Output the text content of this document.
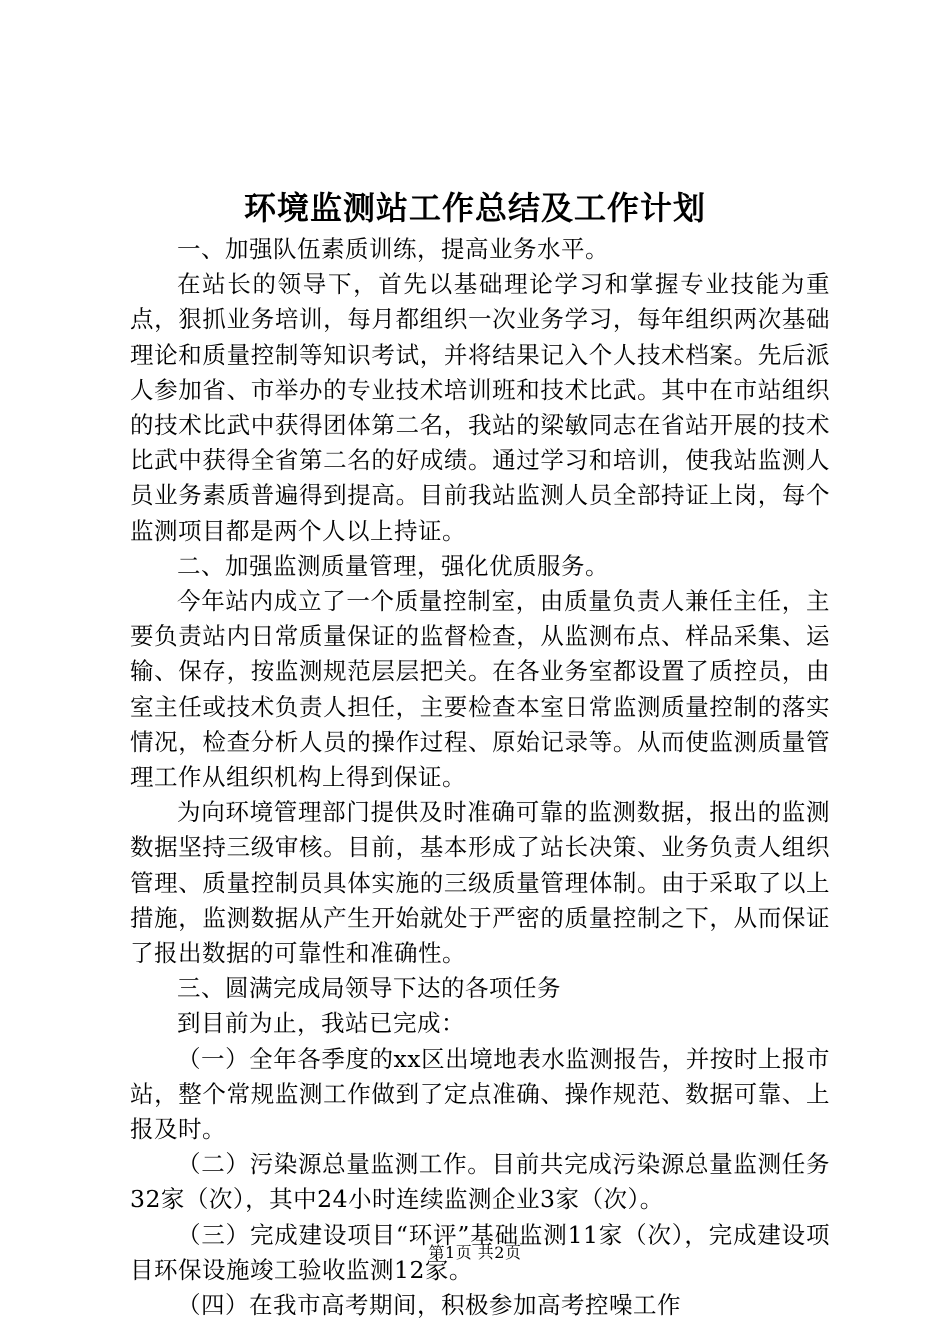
环境监测站工作总结及工作计划

一、加强队伍素质训练，提高业务水平。

在站长的领导下，首先以基础理论学习和掌握专业技能为重点，狠抓业务培训，每月都组织一次业务学习，每年组织两次基础理论和质量控制等知识考试，并将结果记入个人技术档案。先后派人参加省、市举办的专业技术培训班和技术比武。其中在市站组织的技术比武中获得团体第二名，我站的梁敏同志在省站开展的技术比武中获得全省第二名的好成绩。通过学习和培训，使我站监测人员业务素质普遍得到提高。目前我站监测人员全部持证上岗，每个监测项目都是两个人以上持证。

二、加强监测质量管理，强化优质服务。

今年站内成立了一个质量控制室，由质量负责人兼任主任，主要负责站内日常质量保证的监督检查，从监测布点、样品采集、运输、保存，按监测规范层层把关。在各业务室都设置了质控员，由室主任或技术负责人担任，主要检查本室日常监测质量控制的落实情况，检查分析人员的操作过程、原始记录等。从而使监测质量管理工作从组织机构上得到保证。

为向环境管理部门提供及时准确可靠的监测数据，报出的监测数据坚持三级审核。目前，基本形成了站长决策、业务负责人组织管理、质量控制员具体实施的三级质量管理体制。由于采取了以上措施，监测数据从产生开始就处于严密的质量控制之下，从而保证了报出数据的可靠性和准确性。

三、圆满完成局领导下达的各项任务

到目前为止，我站已完成：

（一）全年各季度的xx区出境地表水监测报告，并按时上报市站，整个常规监测工作做到了定点准确、操作规范、数据可靠、上报及时。

（二）污染源总量监测工作。目前共完成污染源总量监测任务32家（次），其中24小时连续监测企业3家（次）。

（三）完成建设项目“环评”基础监测11家（次），完成建设项目环保设施竣工验收监测12家。

（四）在我市高考期间，积极参加高考控噪工作

第1页 共2页
